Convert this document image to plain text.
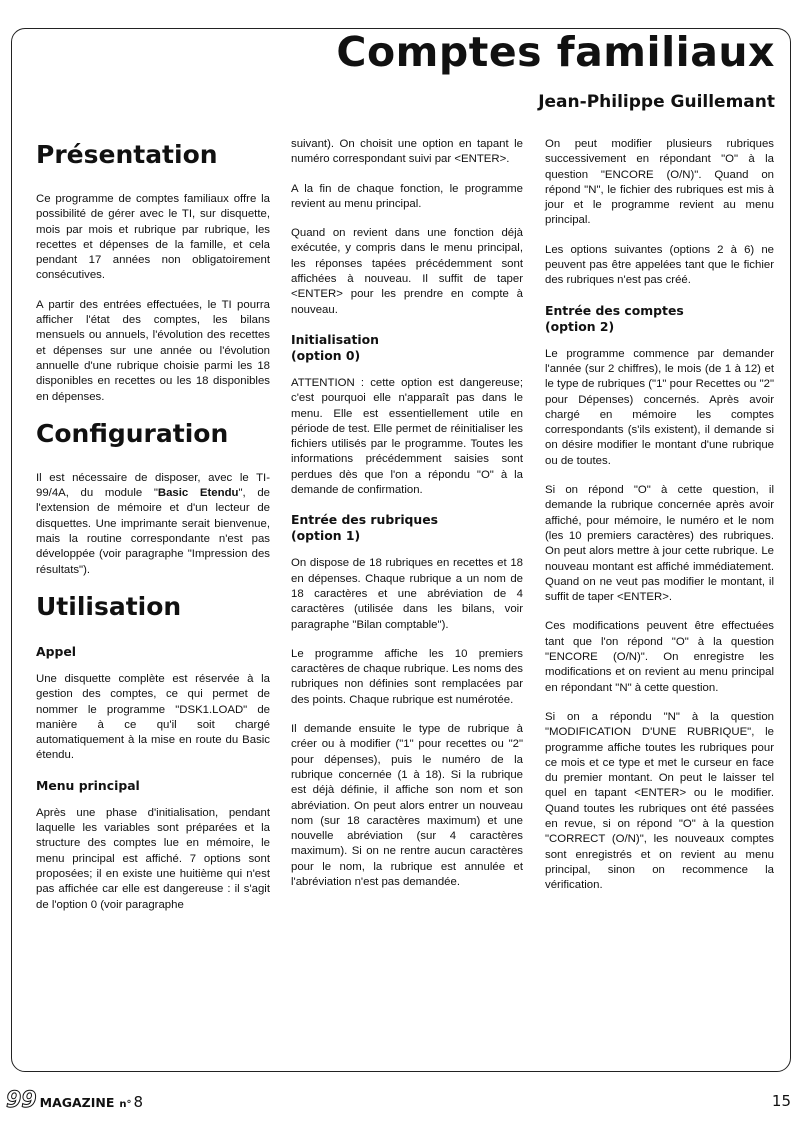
Comptes familiaux
Jean-Philippe Guillemant
Présentation

Ce programme de comptes familiaux offre la possibilité de gérer avec le TI, sur disquette, mois par mois et rubrique par rubrique, les recettes et dépenses de la famille, et cela pendant 17 années non obligatoirement consécutives.

A partir des entrées effectuées, le TI pourra afficher l'état des comptes, les bilans mensuels ou annuels, l'évolution des recettes et dépenses sur une année ou l'évolution annuelle d'une rubrique choisie parmi les 18 disponibles en recettes ou les 18 disponibles en dépenses.

Configuration

Il est nécessaire de disposer, avec le TI-99/4A, du module "Basic Etendu", de l'extension de mémoire et d'un lecteur de disquettes. Une imprimante serait bienvenue, mais la routine correspondante n'est pas développée (voir paragraphe "Impression des résultats").

Utilisation
Appel

Une disquette complète est réservée à la gestion des comptes, ce qui permet de nommer le programme "DSK1.LOAD" de manière à ce qu'il soit chargé automatiquement à la mise en route du Basic étendu.

Menu principal

Après une phase d'initialisation, pendant laquelle les variables sont préparées et la structure des comptes lue en mémoire, le menu principal est affiché. 7 options sont proposées; il en existe une huitième qui n'est pas affichée car elle est dangereuse : il s'agit de l'option 0 (voir paragraphe

suivant). On choisit une option en tapant le numéro correspondant suivi par <ENTER>.

A la fin de chaque fonction, le programme revient au menu principal.

Quand on revient dans une fonction déjà exécutée, y compris dans le menu principal, les réponses tapées précédemment sont affichées à nouveau. Il suffit de taper <ENTER> pour les prendre en compte à nouveau.

Initialisation
(option 0)

ATTENTION : cette option est dangereuse; c'est pourquoi elle n'apparaît pas dans le menu. Elle est essentiellement utile en période de test. Elle permet de réinitialiser les fichiers utilisés par le programme. Toutes les informations précédemment saisies sont perdues dès que l'on a répondu "O" à la demande de confirmation.

Entrée des rubriques
(option 1)

On dispose de 18 rubriques en recettes et 18 en dépenses. Chaque rubrique a un nom de 18 caractères et une abréviation de 4 caractères (utilisée dans les bilans, voir paragraphe "Bilan comptable").

Le programme affiche les 10 premiers caractères de chaque rubrique. Les noms des rubriques non définies sont remplacées par des points. Chaque rubrique est numérotée.

Il demande ensuite le type de rubrique à créer ou à modifier ("1" pour recettes ou "2" pour dépenses), puis le numéro de la rubrique concernée (1 à 18). Si la rubrique est déjà définie, il affiche son nom et son abréviation. On peut alors entrer un nouveau nom (sur 18 caractères maximum) et une nouvelle abréviation (sur 4 caractères maximum). Si on ne rentre aucun caractères pour le nom, la rubrique est annulée et l'abréviation n'est pas demandée.

On peut modifier plusieurs rubriques successivement en répondant "O" à la question "ENCORE (O/N)". Quand on répond "N", le fichier des rubriques est mis à jour et le programme revient au menu principal.

Les options suivantes (options 2 à 6) ne peuvent pas être appelées tant que le fichier des rubriques n'est pas créé.

Entrée des comptes
(option 2)

Le programme commence par demander l'année (sur 2 chiffres), le mois (de 1 à 12) et le type de rubriques ("1" pour Recettes ou "2" pour Dépenses) concernés. Après avoir chargé en mémoire les comptes correspondants (s'ils existent), il demande si on désire modifier le montant d'une rubrique ou de toutes.

Si on répond "O" à cette question, il demande la rubrique concernée après avoir affiché, pour mémoire, le numéro et le nom (les 10 premiers caractères) des rubriques. On peut alors mettre à jour cette rubrique. Le nouveau montant est affiché immédiatement. Quand on ne veut pas modifier le montant, il suffit de taper <ENTER>.

Ces modifications peuvent être effectuées tant que l'on répond "O" à la question "ENCORE (O/N)". On enregistre les modifications et on revient au menu principal en répondant "N" à cette question.

Si on a répondu "N" à la question "MODIFICATION D'UNE RUBRIQUE", le programme affiche toutes les rubriques pour ce mois et ce type et met le curseur en face du premier montant. On peut le laisser tel quel en tapant <ENTER> ou le modifier. Quand toutes les rubriques ont été passées en revue, si on répond "O" à la question "CORRECT (O/N)", les nouveaux comptes sont enregistrés et on revient au menu principal, sinon on recommence la vérification.

99 MAGAZINE n° 8	15
